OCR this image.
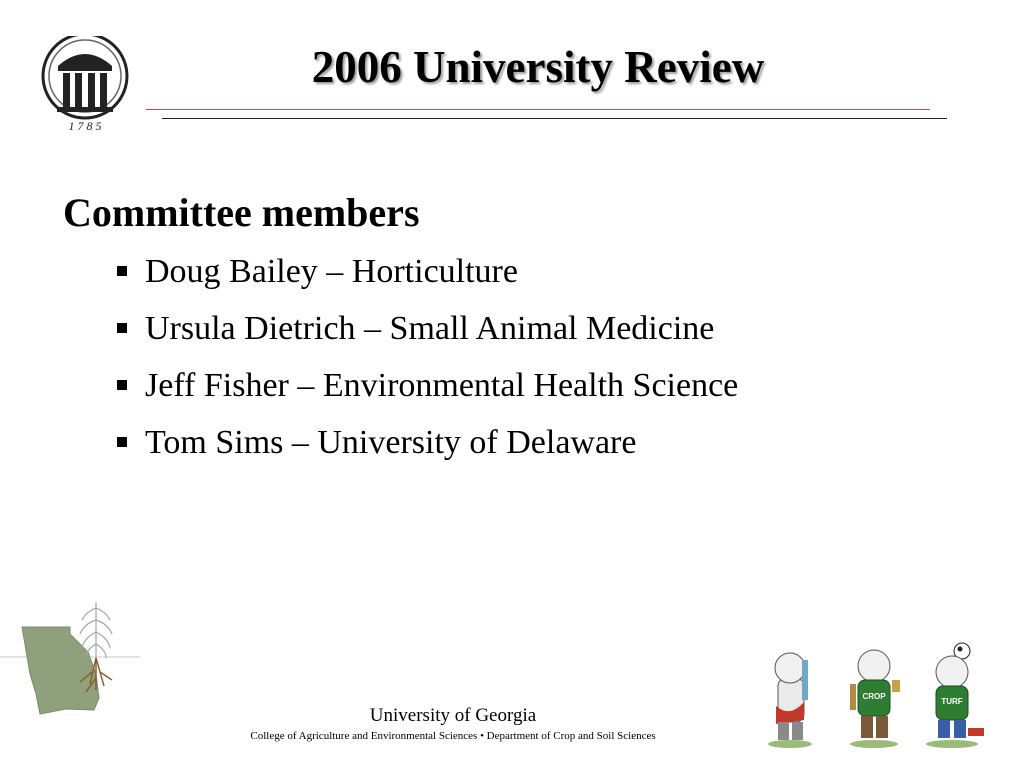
1 7 8 5
2006 University Review
Committee members
Doug Bailey – Horticulture
Ursula Dietrich – Small Animal Medicine
Jeff Fisher – Environmental Health Science
Tom Sims – University of Delaware
University of Georgia
College of Agriculture and Environmental Sciences • Department of Crop and Soil Sciences
CROP
TURF
